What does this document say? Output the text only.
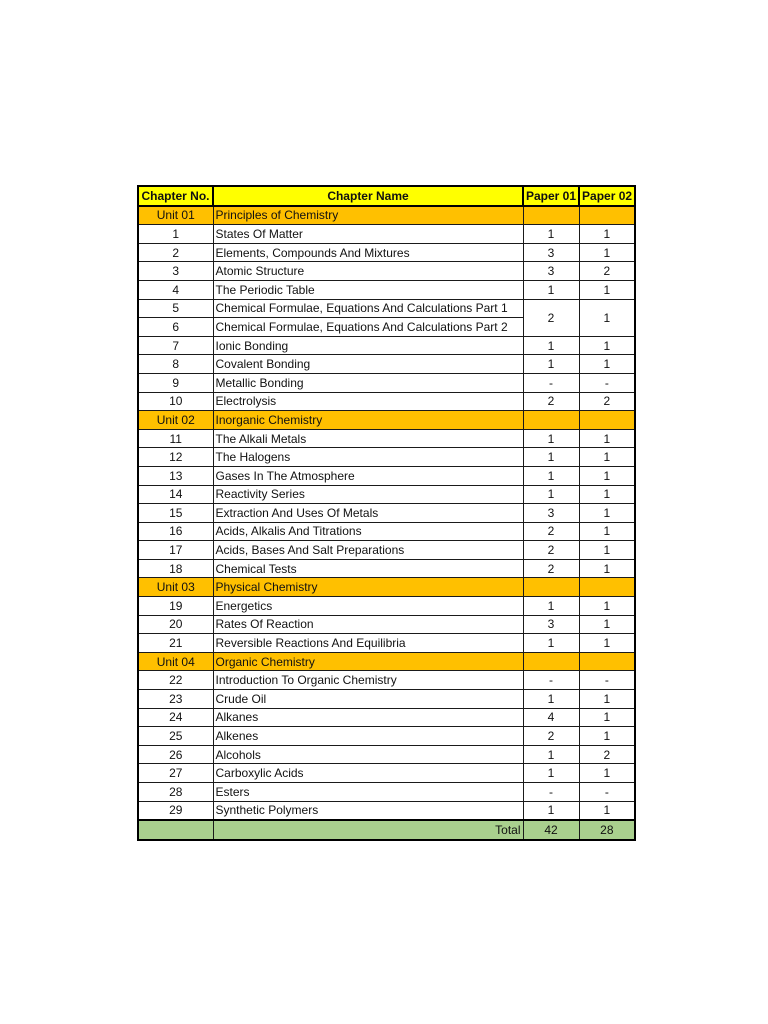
Chapter No.	Chapter Name	Paper 01	Paper 02
Unit 01	Principles of Chemistry		
1	States Of Matter	1	1
2	Elements, Compounds And Mixtures	3	1
3	Atomic Structure	3	2
4	The Periodic Table	1	1
5	Chemical Formulae, Equations And Calculations Part 1	2	1
6	Chemical Formulae, Equations And Calculations Part 2		
7	Ionic Bonding	1	1
8	Covalent Bonding	1	1
9	Metallic Bonding	-	-
10	Electrolysis	2	2
Unit 02	Inorganic Chemistry		
11	The Alkali Metals	1	1
12	The Halogens	1	1
13	Gases In The Atmosphere	1	1
14	Reactivity Series	1	1
15	Extraction And Uses Of Metals	3	1
16	Acids, Alkalis And Titrations	2	1
17	Acids, Bases And Salt Preparations	2	1
18	Chemical Tests	2	1
Unit 03	Physical Chemistry		
19	Energetics	1	1
20	Rates Of Reaction	3	1
21	Reversible Reactions And Equilibria	1	1
Unit 04	Organic Chemistry		
22	Introduction To Organic Chemistry	-	-
23	Crude Oil	1	1
24	Alkanes	4	1
25	Alkenes	2	1
26	Alcohols	1	2
27	Carboxylic Acids	1	1
28	Esters	-	-
29	Synthetic Polymers	1	1
	Total	42	28
